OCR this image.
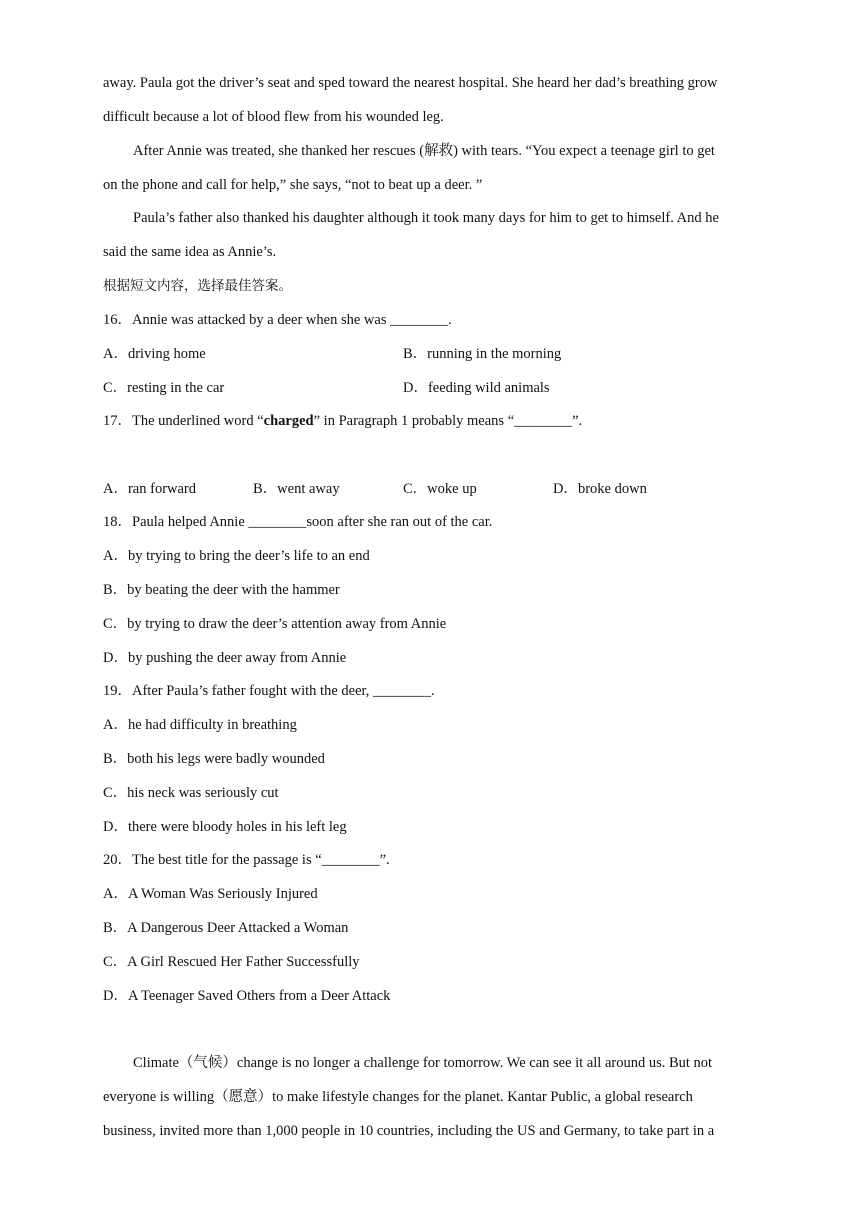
away. Paula got the driver’s seat and sped toward the nearest hospital. She heard her dad’s breathing grow
difficult because a lot of blood flew from his wounded leg.
After Annie was treated, she thanked her rescues (解救) with tears. “You expect a teenage girl to get
on the phone and call for help,” she says, “not to beat up a deer. ”
Paula’s father also thanked his daughter although it took many days for him to get to himself. And he
said the same idea as Annie’s.
根据短文内容，选择最佳答案。
16．Annie was attacked by a deer when she was ________.
A．driving home	B．running in the morning
C．resting in the car	D．feeding wild animals
17．The underlined word “charged” in Paragraph 1 probably means “________”.
A．ran forward	B．went away	C．woke up	D．broke down
18．Paula helped Annie ________soon after she ran out of the car.
A．by trying to bring the deer’s life to an end
B．by beating the deer with the hammer
C．by trying to draw the deer’s attention away from Annie
D．by pushing the deer away from Annie
19．After Paula’s father fought with the deer, ________.
A．he had difficulty in breathing
B．both his legs were badly wounded
C．his neck was seriously cut
D．there were bloody holes in his left leg
20．The best title for the passage is “________”.
A．A Woman Was Seriously Injured
B．A Dangerous Deer Attacked a Woman
C．A Girl Rescued Her Father Successfully
D．A Teenager Saved Others from a Deer Attack
Climate（气候）change is no longer a challenge for tomorrow. We can see it all around us. But not
everyone is willing（愿意）to make lifestyle changes for the planet. Kantar Public, a global research
business, invited more than 1,000 people in 10 countries, including the US and Germany, to take part in a
